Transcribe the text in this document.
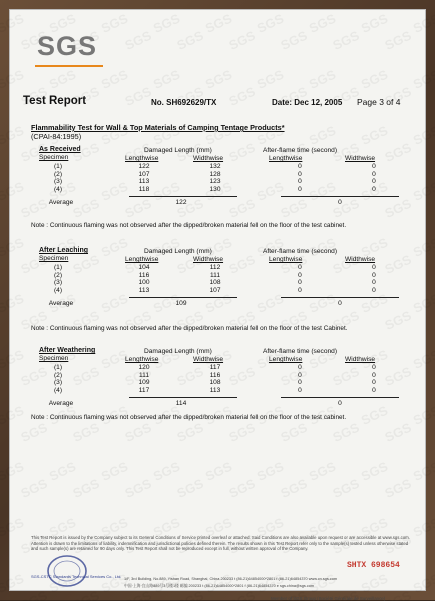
SGS
Test Report	No. SH692629/TX	Date: Dec 12, 2005 Page 3 of 4
Flammability Test for Wall & Top Materials of Camping Tentage Products*
(CPAI-84:1995)
As Received
Specimen
Damaged Length (mm)
Lengthwise	Widthwise
After-flame time (second)
Lengthwise	Widthwise
(1)	122	132	0	0
(2)	107	128	0	0
(3)	113	123	0	0
(4)	118	130	0	0
Average	122	0
Note : Continuous flaming was not observed after the dipped/broken material fell on the floor of the test cabinet.
After Leaching
Specimen
Damaged Length (mm)
Lengthwise	Widthwise
After-flame time (second)
Lengthwise	Widthwise
(1)	104	112	0	0
(2)	116	111	0	0
(3)	100	108	0	0
(4)	113	107	0	0
Average	109	0
Note : Continuous flaming was not observed after the dipped/broken material fell on the floor of the test Cabinet.
After Weathering
Specimen
Damaged Length (mm)
Lengthwise	Widthwise
After-flame time (second)
Lengthwise	Widthwise
(1)	120	117	0	0
(2)	111	116	0	0
(3)	109	108	0	0
(4)	117	113	0	0
Average	114	0
Note : Continuous flaming was not observed after the dipped/broken material fell on the floor of the test cabinet.
This Test Report is issued by the Company subject to its General Conditions of Service printed overleaf or attached. Said Conditions are also available upon request or are accessible at www.sgs.com. Attention is drawn to the limitations of liability, indemnification and jurisdictional policies defined therein. The results shown in this Test Report refer only to the sample(s) tested unless otherwise stated and such sample(s) are retained for 90 days only. This Test Report shall not be reproduced except in full, without written approval of the Company.
SGS-CSTC Standards Technical Services Co., Ltd.
SHTX 698654
1/F, 3rd Building, No.889, Yishan Road, Shanghai, China 200233 t (86-21)64854000*2801 f (86-21)64854370 www.cn.sgs.com
中国·上海·宜山路889号3号楼1楼 邮编 200233 t (86-21)64854000*2801 f (86-21)64854370 e sgs.china@sgs.com
Member of SGS Group (Société Générale de Surveillance)
